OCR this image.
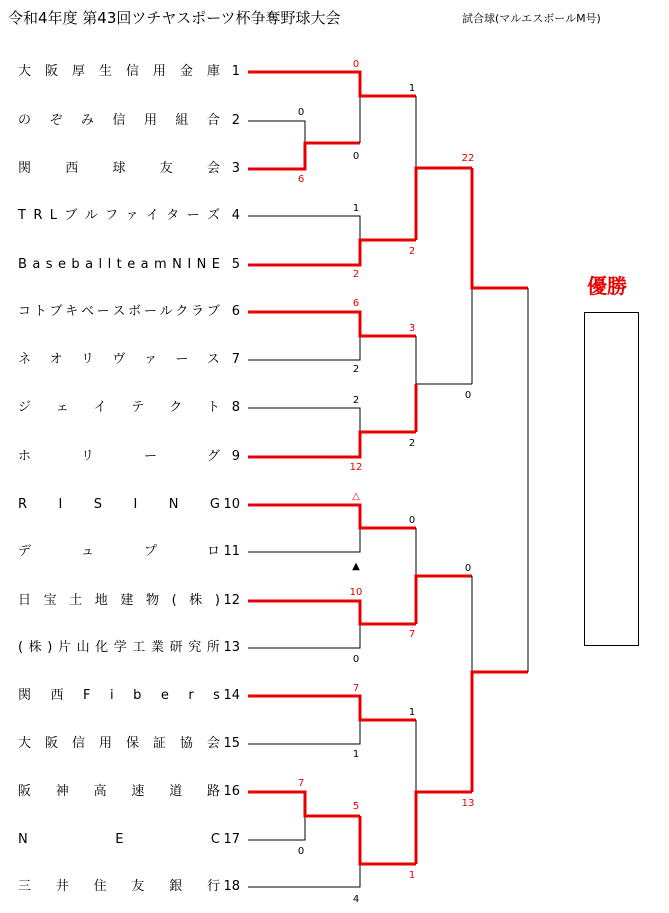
令和4年度 第43回ツチヤスポーツ杯争奪野球大会	試合球(マルエスボールM号)
大 阪 厚 生 信 用 金 庫 1
の ぞ み 信 用 組 合 2
関	西	球	友	会 3
T R L ブ ル フ ァ イ タ ー ズ 4
B a s e b a l l t e a m N I N E 5
コ ト ブ キ ベ ー ス ボ ー ル ク ラ ブ 6
ネ オ リ ヴ ァ ー ス 7
ジ ェ イ テ ク ト 8
ホ	リ	ー	グ 9
R I S I N G 10
デ	ュ	プ	ロ 11
日 宝 土 地 建 物 ( 株 ) 12
( 株 ) 片 山 化 学 工 業 研 究 所 13
関 西 F i b e r s 14
大 阪 信 用 保 証 協 会 15
阪 神 高 速 道 路 16
N	E	C 17
三 井 住 友 銀 行 18
0
6
7
0
0
0
1
2
6
2
2
12
△
▲
10
0
7
1
5
4
1
2
3
2
0
7
1
1
22
0
0
13
優勝
